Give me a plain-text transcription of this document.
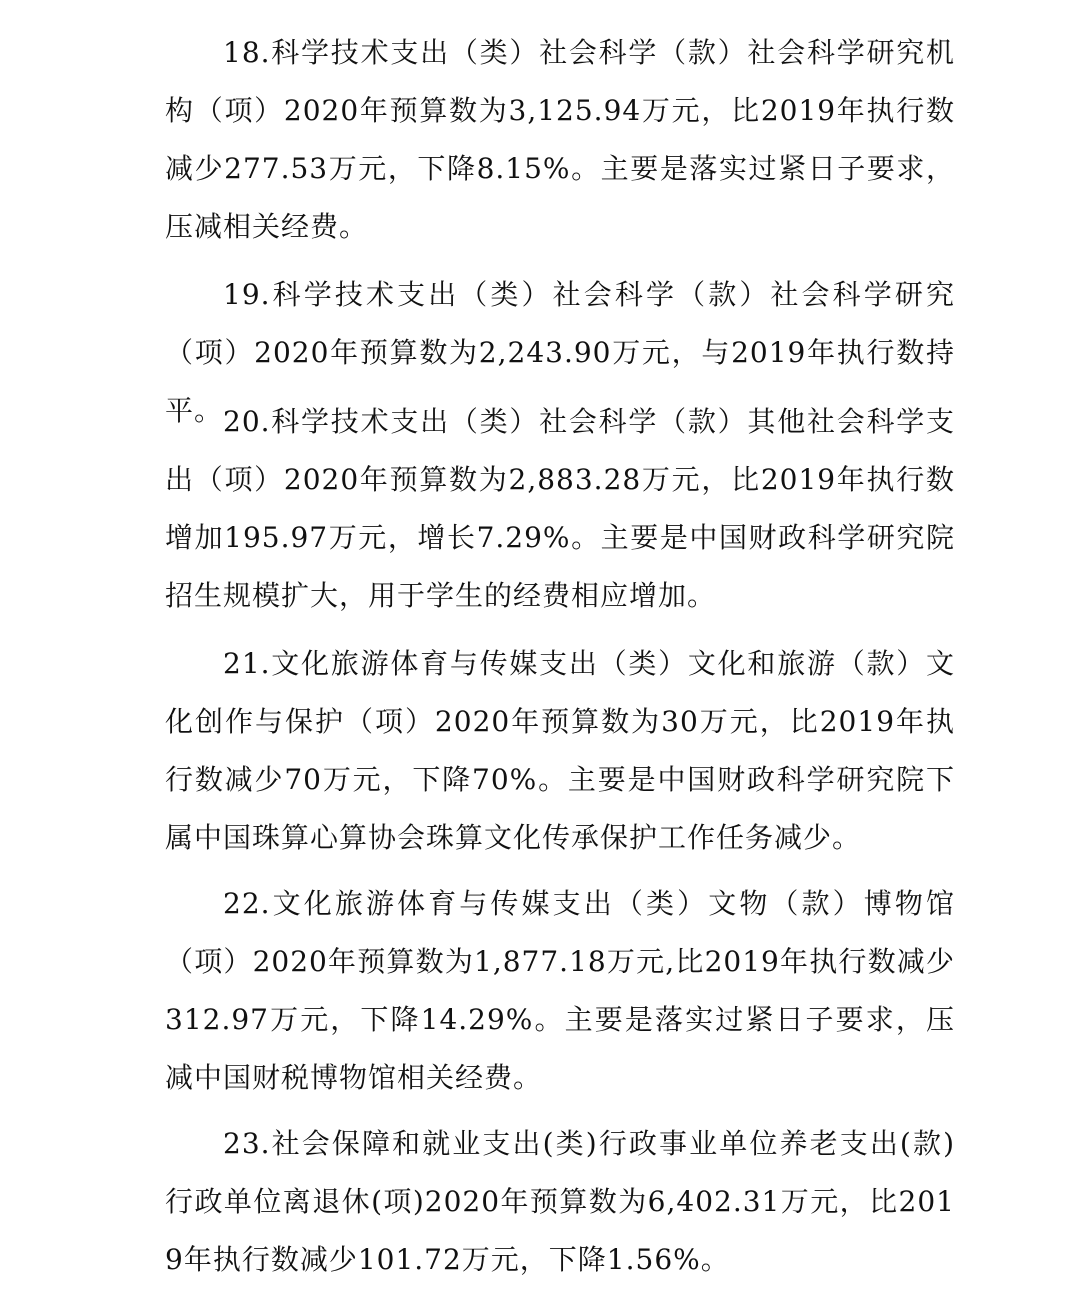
18.科学技术支出（类）社会科学（款）社会科学研究机构（项）2020年预算数为3,125.94万元，比2019年执行数减少277.53万元，下降8.15%。主要是落实过紧日子要求，压减相关经费。

19.科学技术支出（类）社会科学（款）社会科学研究（项）2020年预算数为2,243.90万元，与2019年执行数持平。 20.科学技术支出（类）社会科学（款）其他社会科学支出（项）2020年预算数为2,883.28万元，比2019年执行数增加195.97万元，增长7.29%。主要是中国财政科学研究院招生规模扩大，用于学生的经费相应增加。

21.文化旅游体育与传媒支出（类）文化和旅游（款）文化创作与保护（项）2020年预算数为30万元，比2019年执行数减少70万元，下降70%。主要是中国财政科学研究院下属中国珠算心算协会珠算文化传承保护工作任务减少。

22.文化旅游体育与传媒支出（类）文物（款）博物馆（项）2020年预算数为1,877.18万元,比2019年执行数减少312.97万元，下降14.29%。主要是落实过紧日子要求，压减中国财税博物馆相关经费。

23.社会保障和就业支出(类)行政事业单位养老支出(款)行政单位离退休(项)2020年预算数为6,402.31万元，比2019年执行数减少101.72万元，下降1.56%。
